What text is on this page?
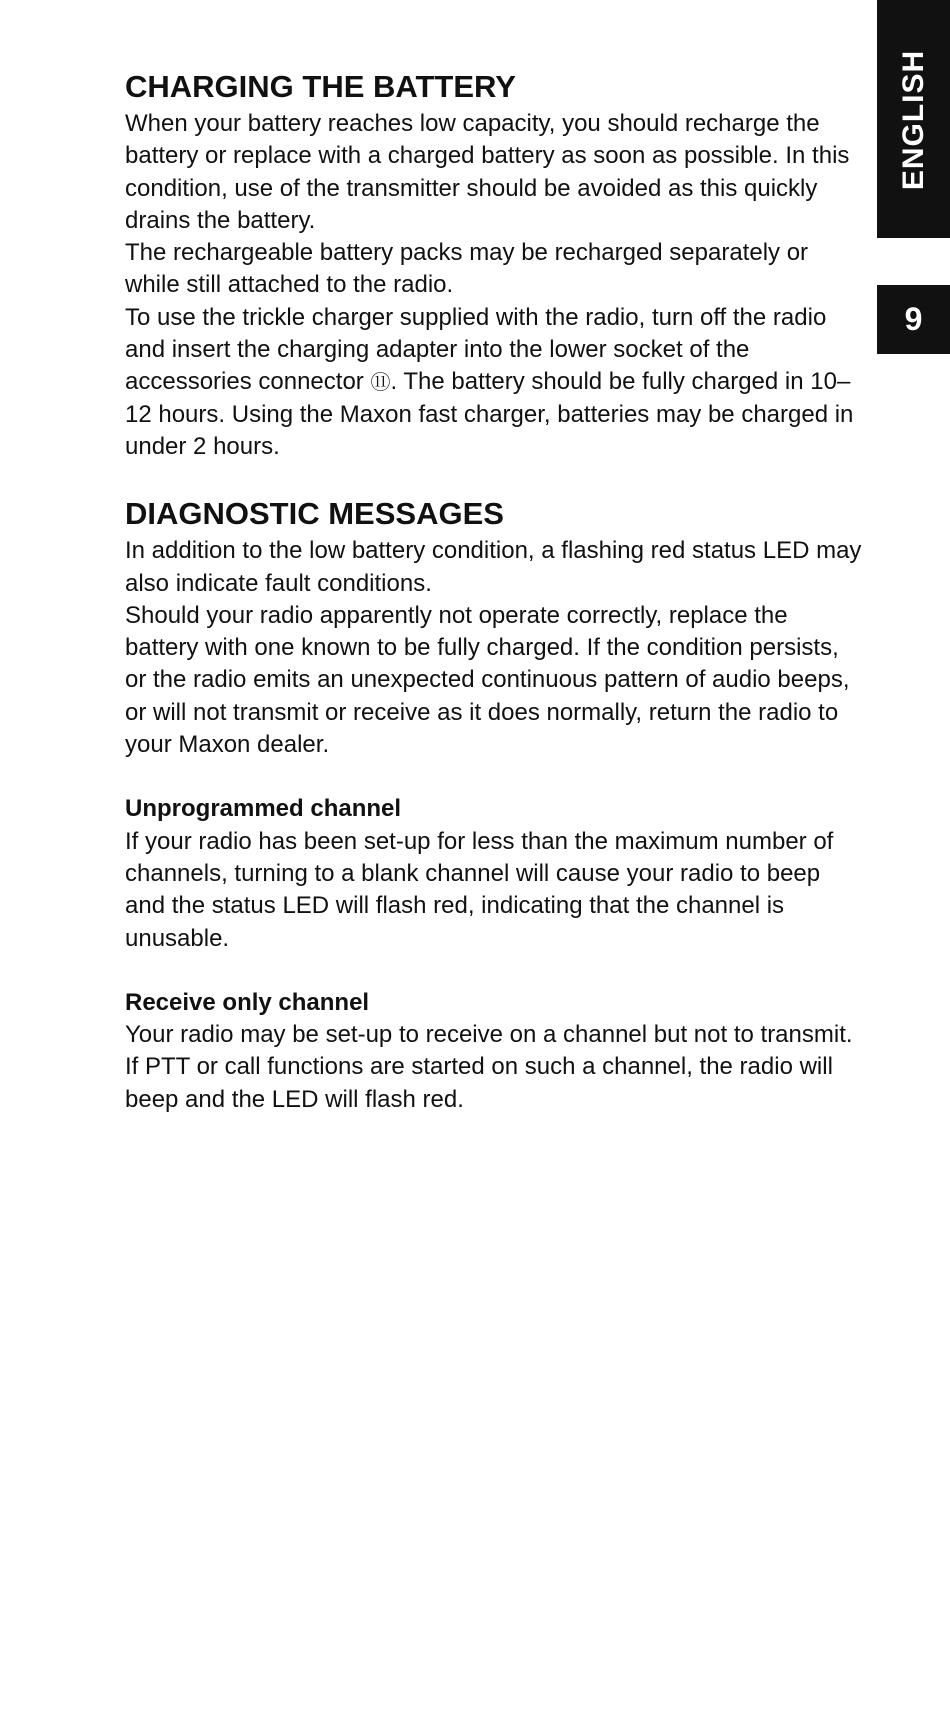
ENGLISH
9
CHARGING THE BATTERY

When your battery reaches low capacity, you should recharge the battery or replace with a charged battery as soon as possible. In this condition, use of the transmitter should be avoided as this quickly drains the battery.

The rechargeable battery packs may be recharged separately or while still attached to the radio.

To use the trickle charger supplied with the radio, turn off the radio and insert the charging adapter into the lower socket of the accessories connector ⑪. The battery should be fully charged in 10–12 hours. Using the Maxon fast charger, batteries may be charged in under 2 hours.

DIAGNOSTIC MESSAGES

In addition to the low battery condition, a flashing red status LED may also indicate fault conditions.

Should your radio apparently not operate correctly, replace the battery with one known to be fully charged. If the condition persists, or the radio emits an unexpected continuous pattern of audio beeps, or will not transmit or receive as it does normally, return the radio to your Maxon dealer.

Unprogrammed channel

If your radio has been set-up for less than the maximum number of channels, turning to a blank channel will cause your radio to beep and the status LED will flash red, indicating that the channel is unusable.

Receive only channel

Your radio may be set-up to receive on a channel but not to transmit. If PTT or call functions are started on such a channel, the radio will beep and the LED will flash red.
